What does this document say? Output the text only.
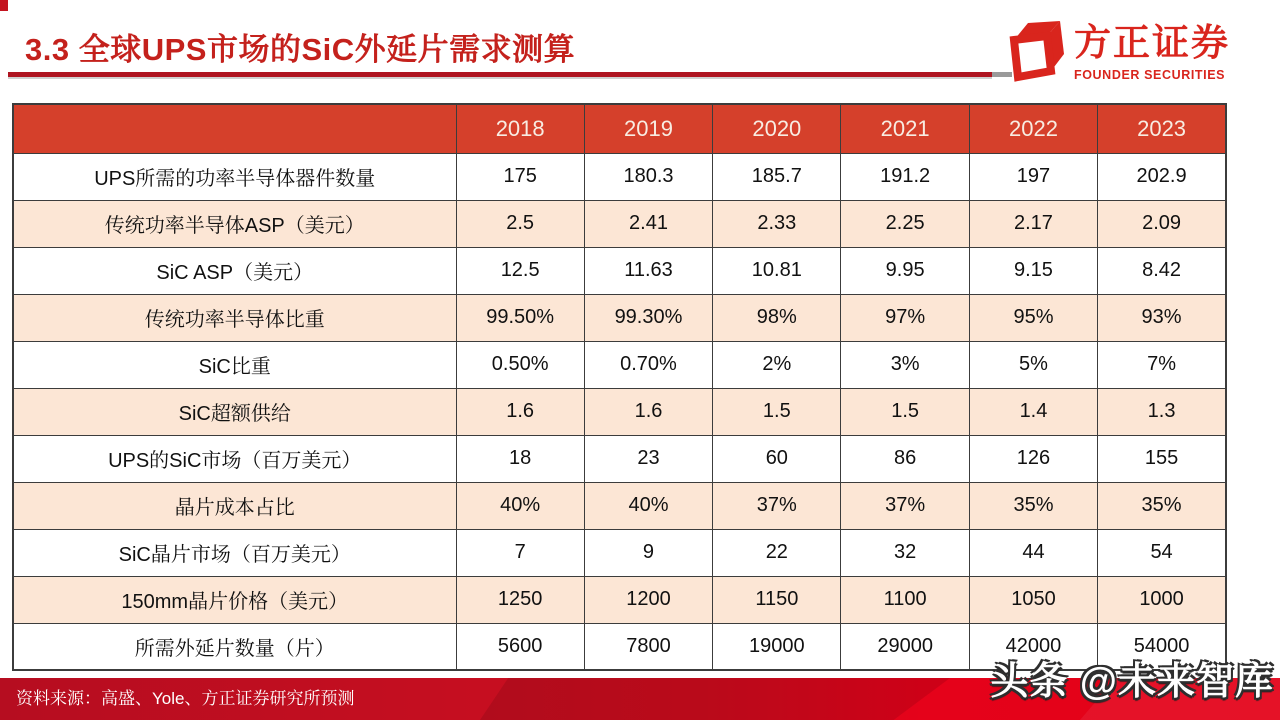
3.3 全球UPS市场的SiC外延片需求测算	方正证券
FOUNDER SECURITIES
	2018	2019	2020	2021	2022	2023
UPS所需的功率半导体器件数量	175	180.3	185.7	191.2	197	202.9
传统功率半导体ASP（美元）	2.5	2.41	2.33	2.25	2.17	2.09
SiC ASP（美元）	12.5	11.63	10.81	9.95	9.15	8.42
传统功率半导体比重	99.50%	99.30%	98%	97%	95%	93%
SiC比重	0.50%	0.70%	2%	3%	5%	7%
SiC超额供给	1.6	1.6	1.5	1.5	1.4	1.3
UPS的SiC市场（百万美元）	18	23	60	86	126	155
晶片成本占比	40%	40%	37%	37%	35%	35%
SiC晶片市场（百万美元）	7	9	22	32	44	54
150mm晶片价格（美元）	1250	1200	1150	1100	1050	1000
所需外延片数量（片）	5600	7800	19000	29000	42000	54000
资料来源：高盛、Yole、方正证券研究所预测	头条 @未来智库
